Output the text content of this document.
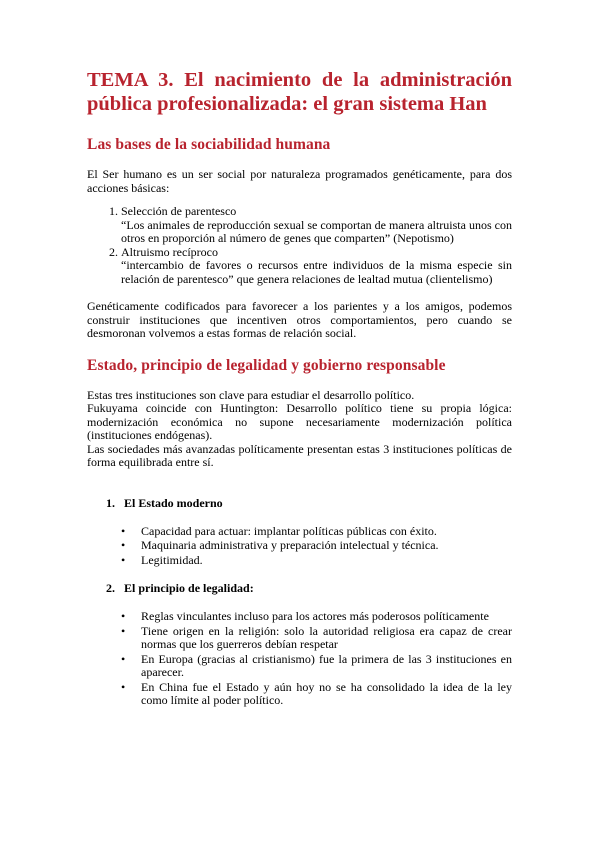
TEMA 3. El nacimiento de la administración pública profesionalizada: el gran sistema Han
Las bases de la sociabilidad humana

El Ser humano es un ser social por naturaleza programados genéticamente, para dos acciones básicas:

1. Selección de parentesco
“Los animales de reproducción sexual se comportan de manera altruista unos con otros en proporción al número de genes que comparten” (Nepotismo)
2. Altruismo recíproco
“intercambio de favores o recursos entre individuos de la misma especie sin relación de parentesco” que genera relaciones de lealtad mutua (clientelismo)

Genéticamente codificados para favorecer a los parientes y a los amigos, podemos construir instituciones que incentiven otros comportamientos, pero cuando se desmoronan volvemos a estas formas de relación social.

Estado, principio de legalidad y gobierno responsable

Estas tres instituciones son clave para estudiar el desarrollo político.

Fukuyama coincide con Huntington: Desarrollo político tiene su propia lógica: modernización económica no supone necesariamente modernización política (instituciones endógenas).

Las sociedades más avanzadas políticamente presentan estas 3 instituciones políticas de forma equilibrada entre sí.

1. El Estado moderno
• Capacidad para actuar: implantar políticas públicas con éxito.
• Maquinaria administrativa y preparación intelectual y técnica.
• Legitimidad.
2. El principio de legalidad:
• Reglas vinculantes incluso para los actores más poderosos políticamente
• Tiene origen en la religión: solo la autoridad religiosa era capaz de crear normas que los guerreros debían respetar
• En Europa (gracias al cristianismo) fue la primera de las 3 instituciones en aparecer.
• En China fue el Estado y aún hoy no se ha consolidado la idea de la ley como límite al poder político.
